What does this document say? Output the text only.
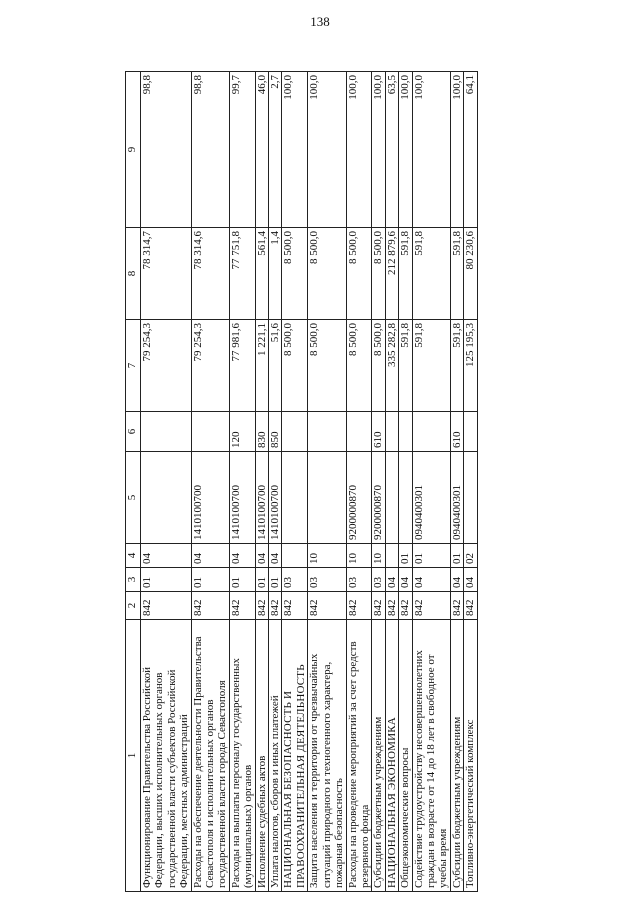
138
1	2	3	4	5	6	7	8	9
Функционирование Правительства Российской Федерации, высших исполнительных органов государственной власти субъектов Российской Федерации, местных администраций	842	01	04			79 254,3	78 314,7	98,8
Расходы на обеспечение деятельности Правительства Севастополя и исполнительных органов государственной власти города Севастополя	842	01	04	1410100700		79 254,3	78 314,6	98,8
Расходы на выплаты персоналу государственных (муниципальных) органов	842	01	04	1410100700	120	77 981,6	77 751,8	99,7
Исполнение судебных актов	842	01	04	1410100700	830	1 221,1	561,4	46,0
Уплата налогов, сборов и иных платежей	842	01	04	1410100700	850	51,6	1,4	2,7
НАЦИОНАЛЬНАЯ БЕЗОПАСНОСТЬ И ПРАВООХРАНИТЕЛЬНАЯ ДЕЯТЕЛЬНОСТЬ	842	03				8 500,0	8 500,0	100,0
Защита населения и территории от чрезвычайных ситуаций природного и техногенного характера, пожарная безопасность	842	03	10			8 500,0	8 500,0	100,0
Расходы на проведение мероприятий за счет средств резервного фонда	842	03	10	9200000870		8 500,0	8 500,0	100,0
Субсидии бюджетным учреждениям	842	03	10	9200000870	610	8 500,0	8 500,0	100,0
НАЦИОНАЛЬНАЯ ЭКОНОМИКА	842	04				335 282,8	212 879,6	63,5
Общеэкономические вопросы	842	04	01			591,8	591,8	100,0
Содействие трудоустройству несовершеннолетних граждан в возрасте от 14 до 18 лет в свободное от учебы время	842	04	01	0940400301		591,8	591,8	100,0
Субсидии бюджетным учреждениям	842	04	01	0940400301	610	591,8	591,8	100,0
Топливно-энергетический комплекс	842	04	02			125 195,3	80 230,6	64,1
